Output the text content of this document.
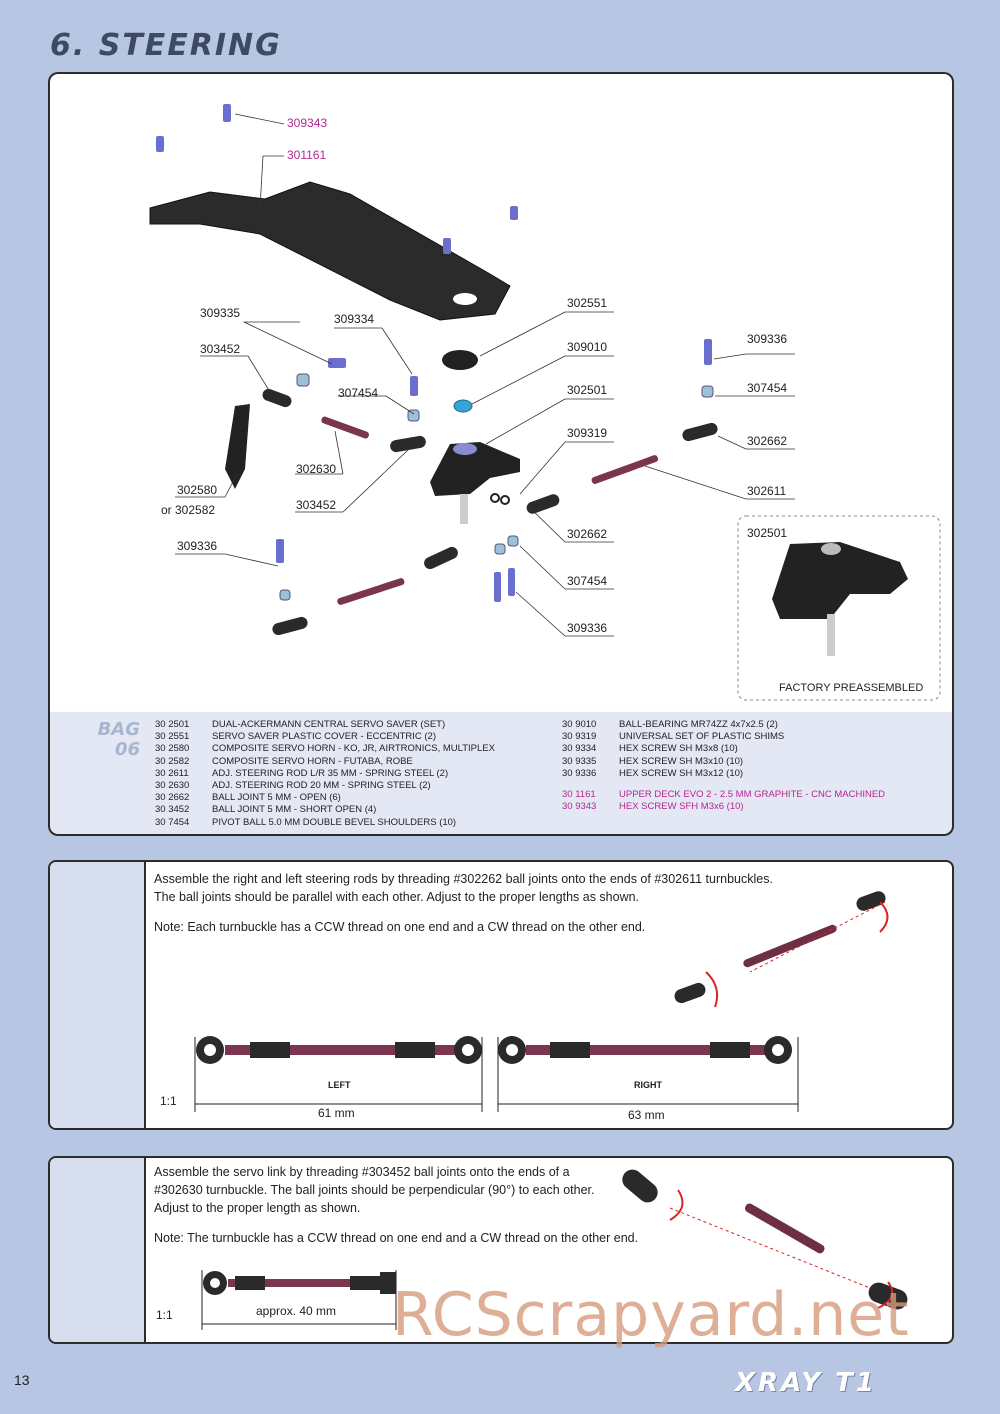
6. STEERING
309343
301161
309335	309334
303452
302551
309010
307454	302501
309319
302630
302580
or 302582	303452
309336
309336
307454
302662
302611
302662
307454
309336
302501
FACTORY PREASSEMBLED
BAG
06
30 2501	DUAL-ACKERMANN CENTRAL SERVO SAVER (SET)
30 2551	SERVO SAVER PLASTIC COVER - ECCENTRIC (2)
30 2580	COMPOSITE SERVO HORN - KO, JR, AIRTRONICS, MULTIPLEX
30 2582	COMPOSITE SERVO HORN - FUTABA, ROBE
30 2611	ADJ. STEERING ROD L/R 35 MM - SPRING STEEL (2)
30 2630	ADJ. STEERING ROD 20 MM - SPRING STEEL (2)
30 2662	BALL JOINT 5 MM - OPEN (6)
30 3452	BALL JOINT 5 MM - SHORT OPEN (4)
30 7454	PIVOT BALL 5.0 MM DOUBLE BEVEL SHOULDERS (10)
30 9010	BALL-BEARING MR74ZZ 4x7x2.5 (2)
30 9319	UNIVERSAL SET OF PLASTIC SHIMS
30 9334	HEX SCREW SH M3x8 (10)
30 9335	HEX SCREW SH M3x10 (10)
30 9336	HEX SCREW SH M3x12 (10)
30 1161	UPPER DECK EVO 2 - 2.5 MM GRAPHITE - CNC MACHINED
30 9343	HEX SCREW SFH M3x6 (10)
Assemble the right and left steering rods by threading #302262 ball joints onto the ends of #302611 turnbuckles.
The ball joints should be parallel with each other. Adjust to the proper lengths as shown.
Note: Each turnbuckle has a CCW thread on one end and a CW thread on the other end.
1:1
LEFT	RIGHT
61 mm	63 mm
Assemble the servo link by threading #303452 ball joints onto the ends of a
#302630 turnbuckle. The ball joints should be perpendicular (90°) to each other.
Adjust to the proper length as shown.
Note: The turnbuckle has a CCW thread on one end and a CW thread on the other end.
1:1	approx. 40 mm RCScrapyard.net
13	XRAY T1
